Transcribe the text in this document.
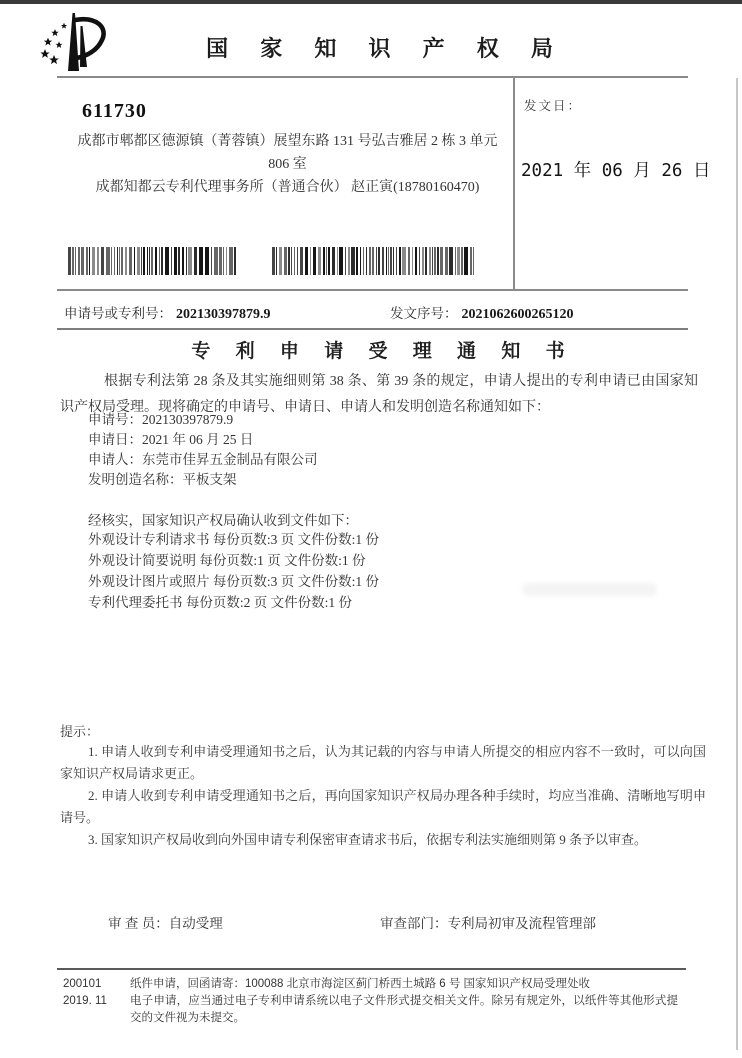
国 家 知 识 产 权 局
611730
成都市郫都区德源镇（菁蓉镇）展望东路 131 号弘吉雅居 2 栋 3 单元
806 室
成都知都云专利代理事务所（普通合伙） 赵正寅(18780160470)
发文日：
2021 年 06 月 26 日
申请号或专利号： 202130397879.9	发文序号： 2021062600265120
专 利 申 请 受 理 通 知 书

根据专利法第 28 条及其实施细则第 38 条、第 39 条的规定，申请人提出的专利申请已由国家知识产权局受理。现将确定的申请号、申请日、申请人和发明创造名称通知如下：

申请号：202130397879.9
申请日：2021 年 06 月 25 日
申请人：东莞市佳昇五金制品有限公司
发明创造名称：平板支架
经核实，国家知识产权局确认收到文件如下：
外观设计专利请求书 每份页数:3 页 文件份数:1 份
外观设计简要说明 每份页数:1 页 文件份数:1 份
外观设计图片或照片 每份页数:3 页 文件份数:1 份
专利代理委托书 每份页数:2 页 文件份数:1 份
提示：

1. 申请人收到专利申请受理通知书之后，认为其记载的内容与申请人所提交的相应内容不一致时，可以向国家知识产权局请求更正。

2. 申请人收到专利申请受理通知书之后，再向国家知识产权局办理各种手续时，均应当准确、清晰地写明申请号。

3. 国家知识产权局收到向外国申请专利保密审查请求书后，依据专利法实施细则第 9 条予以审查。

审 查 员：自动受理	审查部门：专利局初审及流程管理部
200101	纸件申请，回函请寄：100088 北京市海淀区蓟门桥西土城路 6 号 国家知识产权局受理处收
2019. 11	电子申请，应当通过电子专利申请系统以电子文件形式提交相关文件。除另有规定外，以纸件等其他形式提交的文件视为未提交。
